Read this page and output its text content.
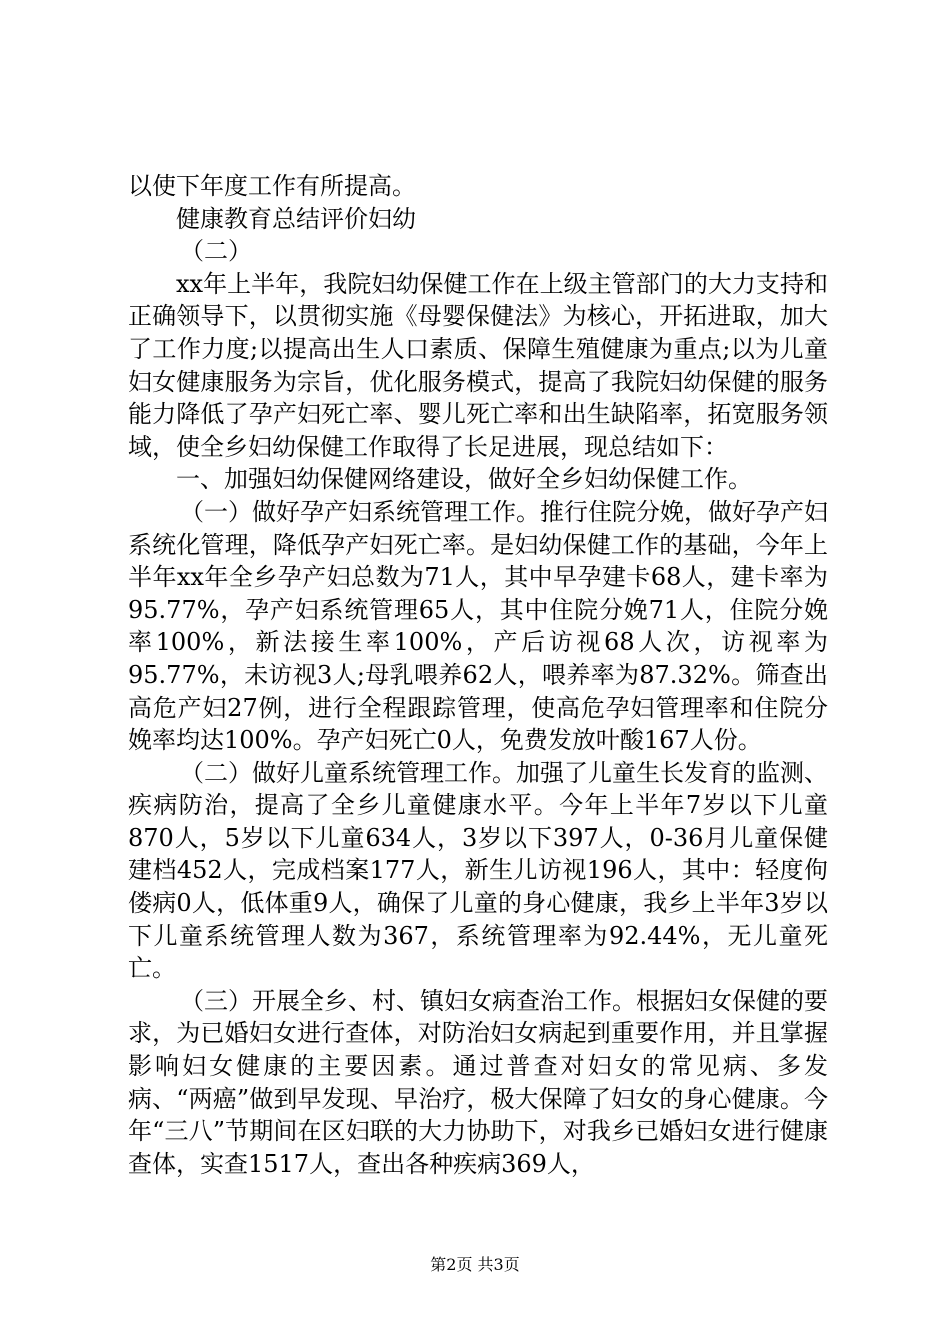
以使下年度工作有所提高。

健康教育总结评价妇幼

（二）

xx年上半年，我院妇幼保健工作在上级主管部门的大力支持和正确领导下，以贯彻实施《母婴保健法》为核心，开拓进取，加大了工作力度;以提高出生人口素质、保障生殖健康为重点;以为儿童妇女健康服务为宗旨，优化服务模式，提高了我院妇幼保健的服务能力降低了孕产妇死亡率、婴儿死亡率和出生缺陷率，拓宽服务领域，使全乡妇幼保健工作取得了长足进展，现总结如下：

一、加强妇幼保健网络建设，做好全乡妇幼保健工作。

（一）做好孕产妇系统管理工作。推行住院分娩，做好孕产妇系统化管理，降低孕产妇死亡率。是妇幼保健工作的基础，今年上半年xx年全乡孕产妇总数为71人，其中早孕建卡68人，建卡率为95.77%，孕产妇系统管理65人，其中住院分娩71人，住院分娩率100%，新法接生率100%，产后访视68人次，访视率为95.77%，未访视3人;母乳喂养62人，喂养率为87.32%。筛查出高危产妇27例，进行全程跟踪管理，使高危孕妇管理率和住院分娩率均达100%。孕产妇死亡0人，免费发放叶酸167人份。

（二）做好儿童系统管理工作。加强了儿童生长发育的监测、疾病防治，提高了全乡儿童健康水平。今年上半年7岁以下儿童870人，5岁以下儿童634人，3岁以下397人，0-36月儿童保健建档452人，完成档案177人，新生儿访视196人，其中：轻度佝偻病0人，低体重9人，确保了儿童的身心健康，我乡上半年3岁以下儿童系统管理人数为367，系统管理率为92.44%，无儿童死亡。

（三）开展全乡、村、镇妇女病查治工作。根据妇女保健的要求，为已婚妇女进行查体，对防治妇女病起到重要作用，并且掌握影响妇女健康的主要因素。通过普查对妇女的常见病、多发病、“两癌”做到早发现、早治疗，极大保障了妇女的身心健康。今年“三八”节期间在区妇联的大力协助下，对我乡已婚妇女进行健康查体，实查1517人，查出各种疾病369人，

第2页 共3页
